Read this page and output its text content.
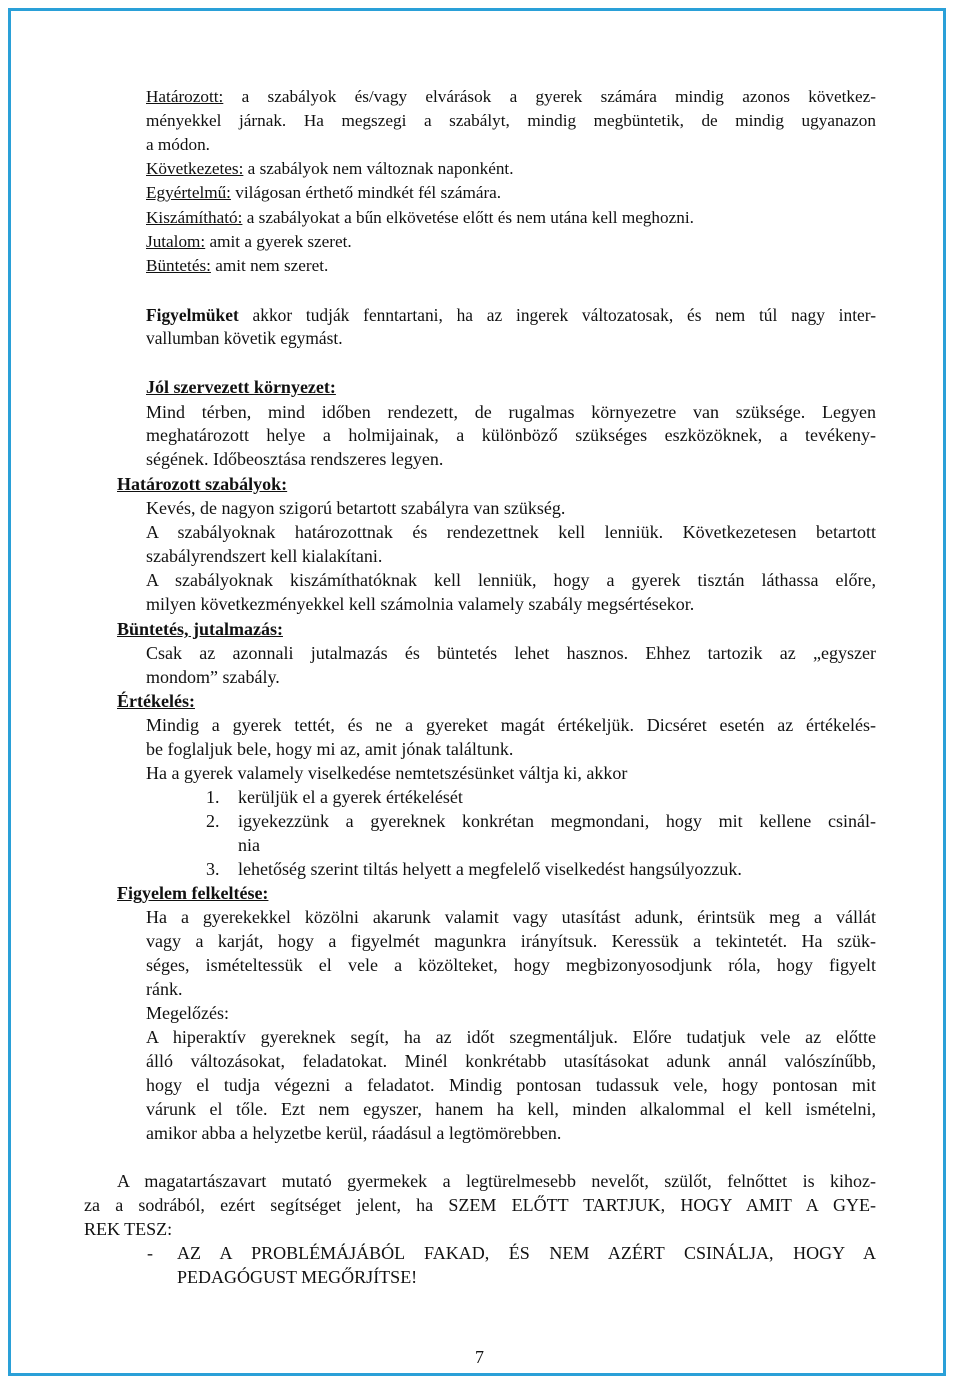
Határozott: a szabályok és/vagy elvárások a gyerek számára mindig azonos következ-

ményekkel járnak. Ha megszegi a szabályt, mindig megbüntetik, de mindig ugyanazon

a módon.

Következetes: a szabályok nem változnak naponként.

Egyértelmű: világosan érthető mindkét fél számára.

Kiszámítható: a szabályokat a bűn elkövetése előtt és nem utána kell meghozni.

Jutalom: amit a gyerek szeret.

Büntetés: amit nem szeret.

Figyelmüket akkor tudják fenntartani, ha az ingerek változatosak, és nem túl nagy inter-

vallumban követik egymást.

Jól szervezett környezet:

Mind térben, mind időben rendezett, de rugalmas környezetre van szüksége. Legyen

meghatározott helye a holmijainak, a különböző szükséges eszközöknek, a tevékeny-

ségének. Időbeosztása rendszeres legyen.

Határozott szabályok:

Kevés, de nagyon szigorú betartott szabályra van szükség.

A szabályoknak határozottnak és rendezettnek kell lenniük. Következetesen betartott

szabályrendszert kell kialakítani.

A szabályoknak kiszámíthatóknak kell lenniük, hogy a gyerek tisztán láthassa előre,

milyen következményekkel kell számolnia valamely szabály megsértésekor.

Büntetés, jutalmazás:

Csak az azonnali jutalmazás és büntetés lehet hasznos. Ehhez tartozik az „egyszer

mondom” szabály.

Értékelés:

Mindig a gyerek tettét, és ne a gyereket magát értékeljük. Dicséret esetén az értékelés-

be foglaljuk bele, hogy mi az, amit jónak találtunk.

Ha a gyerek valamely viselkedése nemtetszésünket váltja ki, akkor

1. kerüljük el a gyerek értékelését

2. igyekezzünk a gyereknek konkrétan megmondani, hogy mit kellene csinál-

nia

3. lehetőség szerint tiltás helyett a megfelelő viselkedést hangsúlyozzuk.

Figyelem felkeltése:

Ha a gyerekekkel közölni akarunk valamit vagy utasítást adunk, érintsük meg a vállát

vagy a karját, hogy a figyelmét magunkra irányítsuk. Keressük a tekintetét. Ha szük-

séges, ismételtessük el vele a közölteket, hogy megbizonyosodjunk róla, hogy figyelt

ránk.

Megelőzés:

A hiperaktív gyereknek segít, ha az időt szegmentáljuk. Előre tudatjuk vele az előtte

álló változásokat, feladatokat. Minél konkrétabb utasításokat adunk annál valószínűbb,

hogy el tudja végezni a feladatot. Mindig pontosan tudassuk vele, hogy pontosan mit

várunk el tőle. Ezt nem egyszer, hanem ha kell, minden alkalommal el kell ismételni,

amikor abba a helyzetbe kerül, ráadásul a legtömörebben.

A magatartászavart mutató gyermekek a legtürelmesebb nevelőt, szülőt, felnőttet is kihoz-

za a sodrából, ezért segítséget jelent, ha SZEM ELŐTT TARTJUK, HOGY AMIT A GYE-

REK TESZ:

- AZ A PROBLÉMÁJÁBÓL FAKAD, ÉS NEM AZÉRT CSINÁLJA, HOGY A

PEDAGÓGUST MEGŐRJÍTSE!

7
